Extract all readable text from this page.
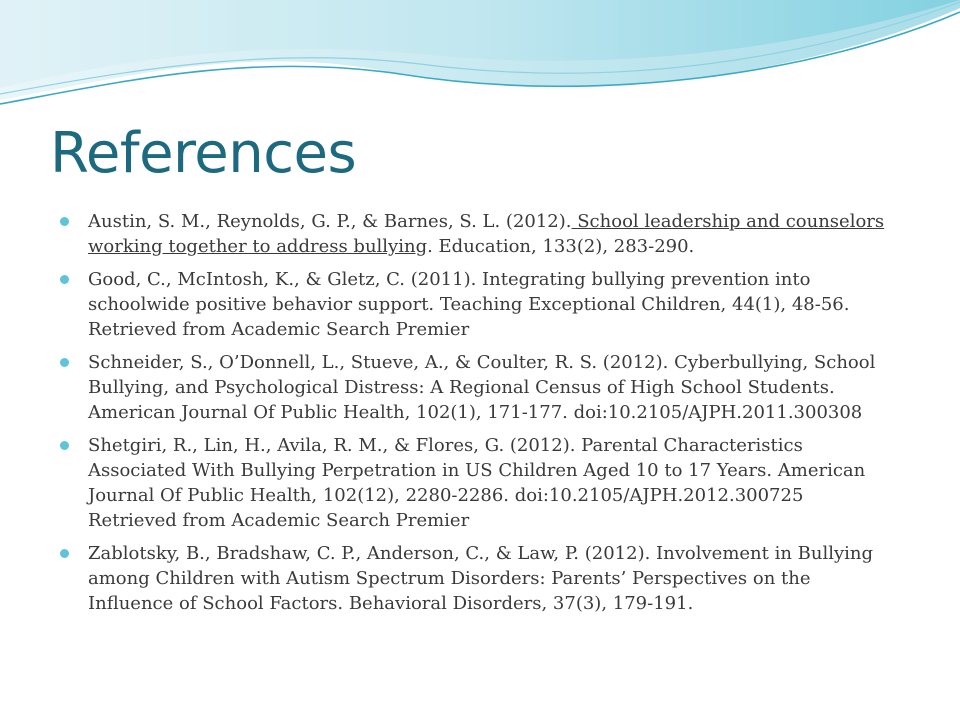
References
Austin, S. M., Reynolds, G. P., & Barnes, S. L. (2012). School leadership and counselors working together to address bullying. Education, 133(2), 283-290.
Good, C., McIntosh, K., & Gletz, C. (2011). Integrating bullying prevention into schoolwide positive behavior support. Teaching Exceptional Children, 44(1), 48-56. Retrieved from Academic Search Premier
Schneider, S., O’Donnell, L., Stueve, A., & Coulter, R. S. (2012). Cyberbullying, School Bullying, and Psychological Distress: A Regional Census of High School Students. American Journal Of Public Health, 102(1), 171-177. doi:10.2105/AJPH.2011.300308
Shetgiri, R., Lin, H., Avila, R. M., & Flores, G. (2012). Parental Characteristics Associated With Bullying Perpetration in US Children Aged 10 to 17 Years. American Journal Of Public Health, 102(12), 2280-2286. doi:10.2105/AJPH.2012.300725 Retrieved from Academic Search Premier
Zablotsky, B., Bradshaw, C. P., Anderson, C., & Law, P. (2012). Involvement in Bullying among Children with Autism Spectrum Disorders: Parents’ Perspectives on the Influence of School Factors. Behavioral Disorders, 37(3), 179-191.
